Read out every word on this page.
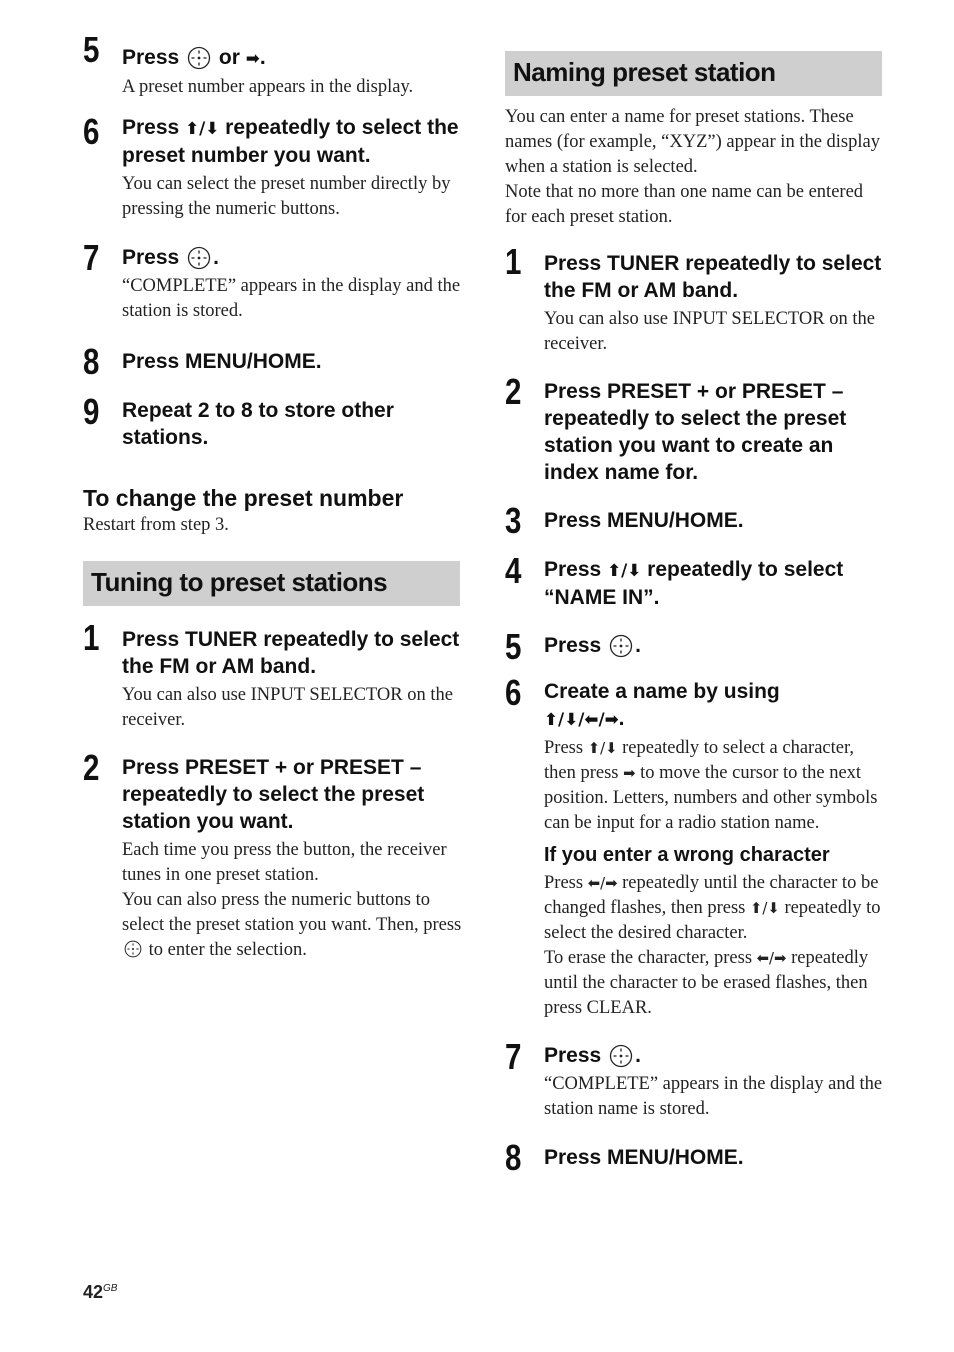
5 Press or ➡.
A preset number appears in the display.
6 Press ⬆/⬇ repeatedly to select the preset number you want.
You can select the preset number directly by pressing the numeric buttons.
7 Press .
“COMPLETE” appears in the display and the station is stored.
8 Press MENU/HOME.
9 Repeat 2 to 8 to store other stations.
To change the preset number
Restart from step 3.
Tuning to preset stations
1 Press TUNER repeatedly to select the FM or AM band.
You can also use INPUT SELECTOR on the receiver.
2 Press PRESET + or PRESET – repeatedly to select the preset station you want.
Each time you press the button, the receiver tunes in one preset station.
You can also press the numeric buttons to select the preset station you want. Then, press  to enter the selection.
Naming preset station
You can enter a name for preset stations. These names (for example, “XYZ”) appear in the display when a station is selected.
Note that no more than one name can be entered for each preset station.
1 Press TUNER repeatedly to select the FM or AM band.
You can also use INPUT SELECTOR on the receiver.
2 Press PRESET + or PRESET – repeatedly to select the preset station you want to create an index name for.
3 Press MENU/HOME.
4 Press ⬆/⬇ repeatedly to select “NAME IN”.
5 Press .
6 Create a name by using
⬆/⬇/⬅/➡.
Press ⬆/⬇ repeatedly to select a character, then press ➡ to move the cursor to the next position. Letters, numbers and other symbols can be input for a radio station name.
If you enter a wrong character
Press ⬅/➡ repeatedly until the character to be changed flashes, then press ⬆/⬇ repeatedly to select the desired character.
To erase the character, press ⬅/➡ repeatedly until the character to be erased flashes, then press CLEAR.
7 Press .
“COMPLETE” appears in the display and the station name is stored.
8 Press MENU/HOME.
$42^{GB}$
